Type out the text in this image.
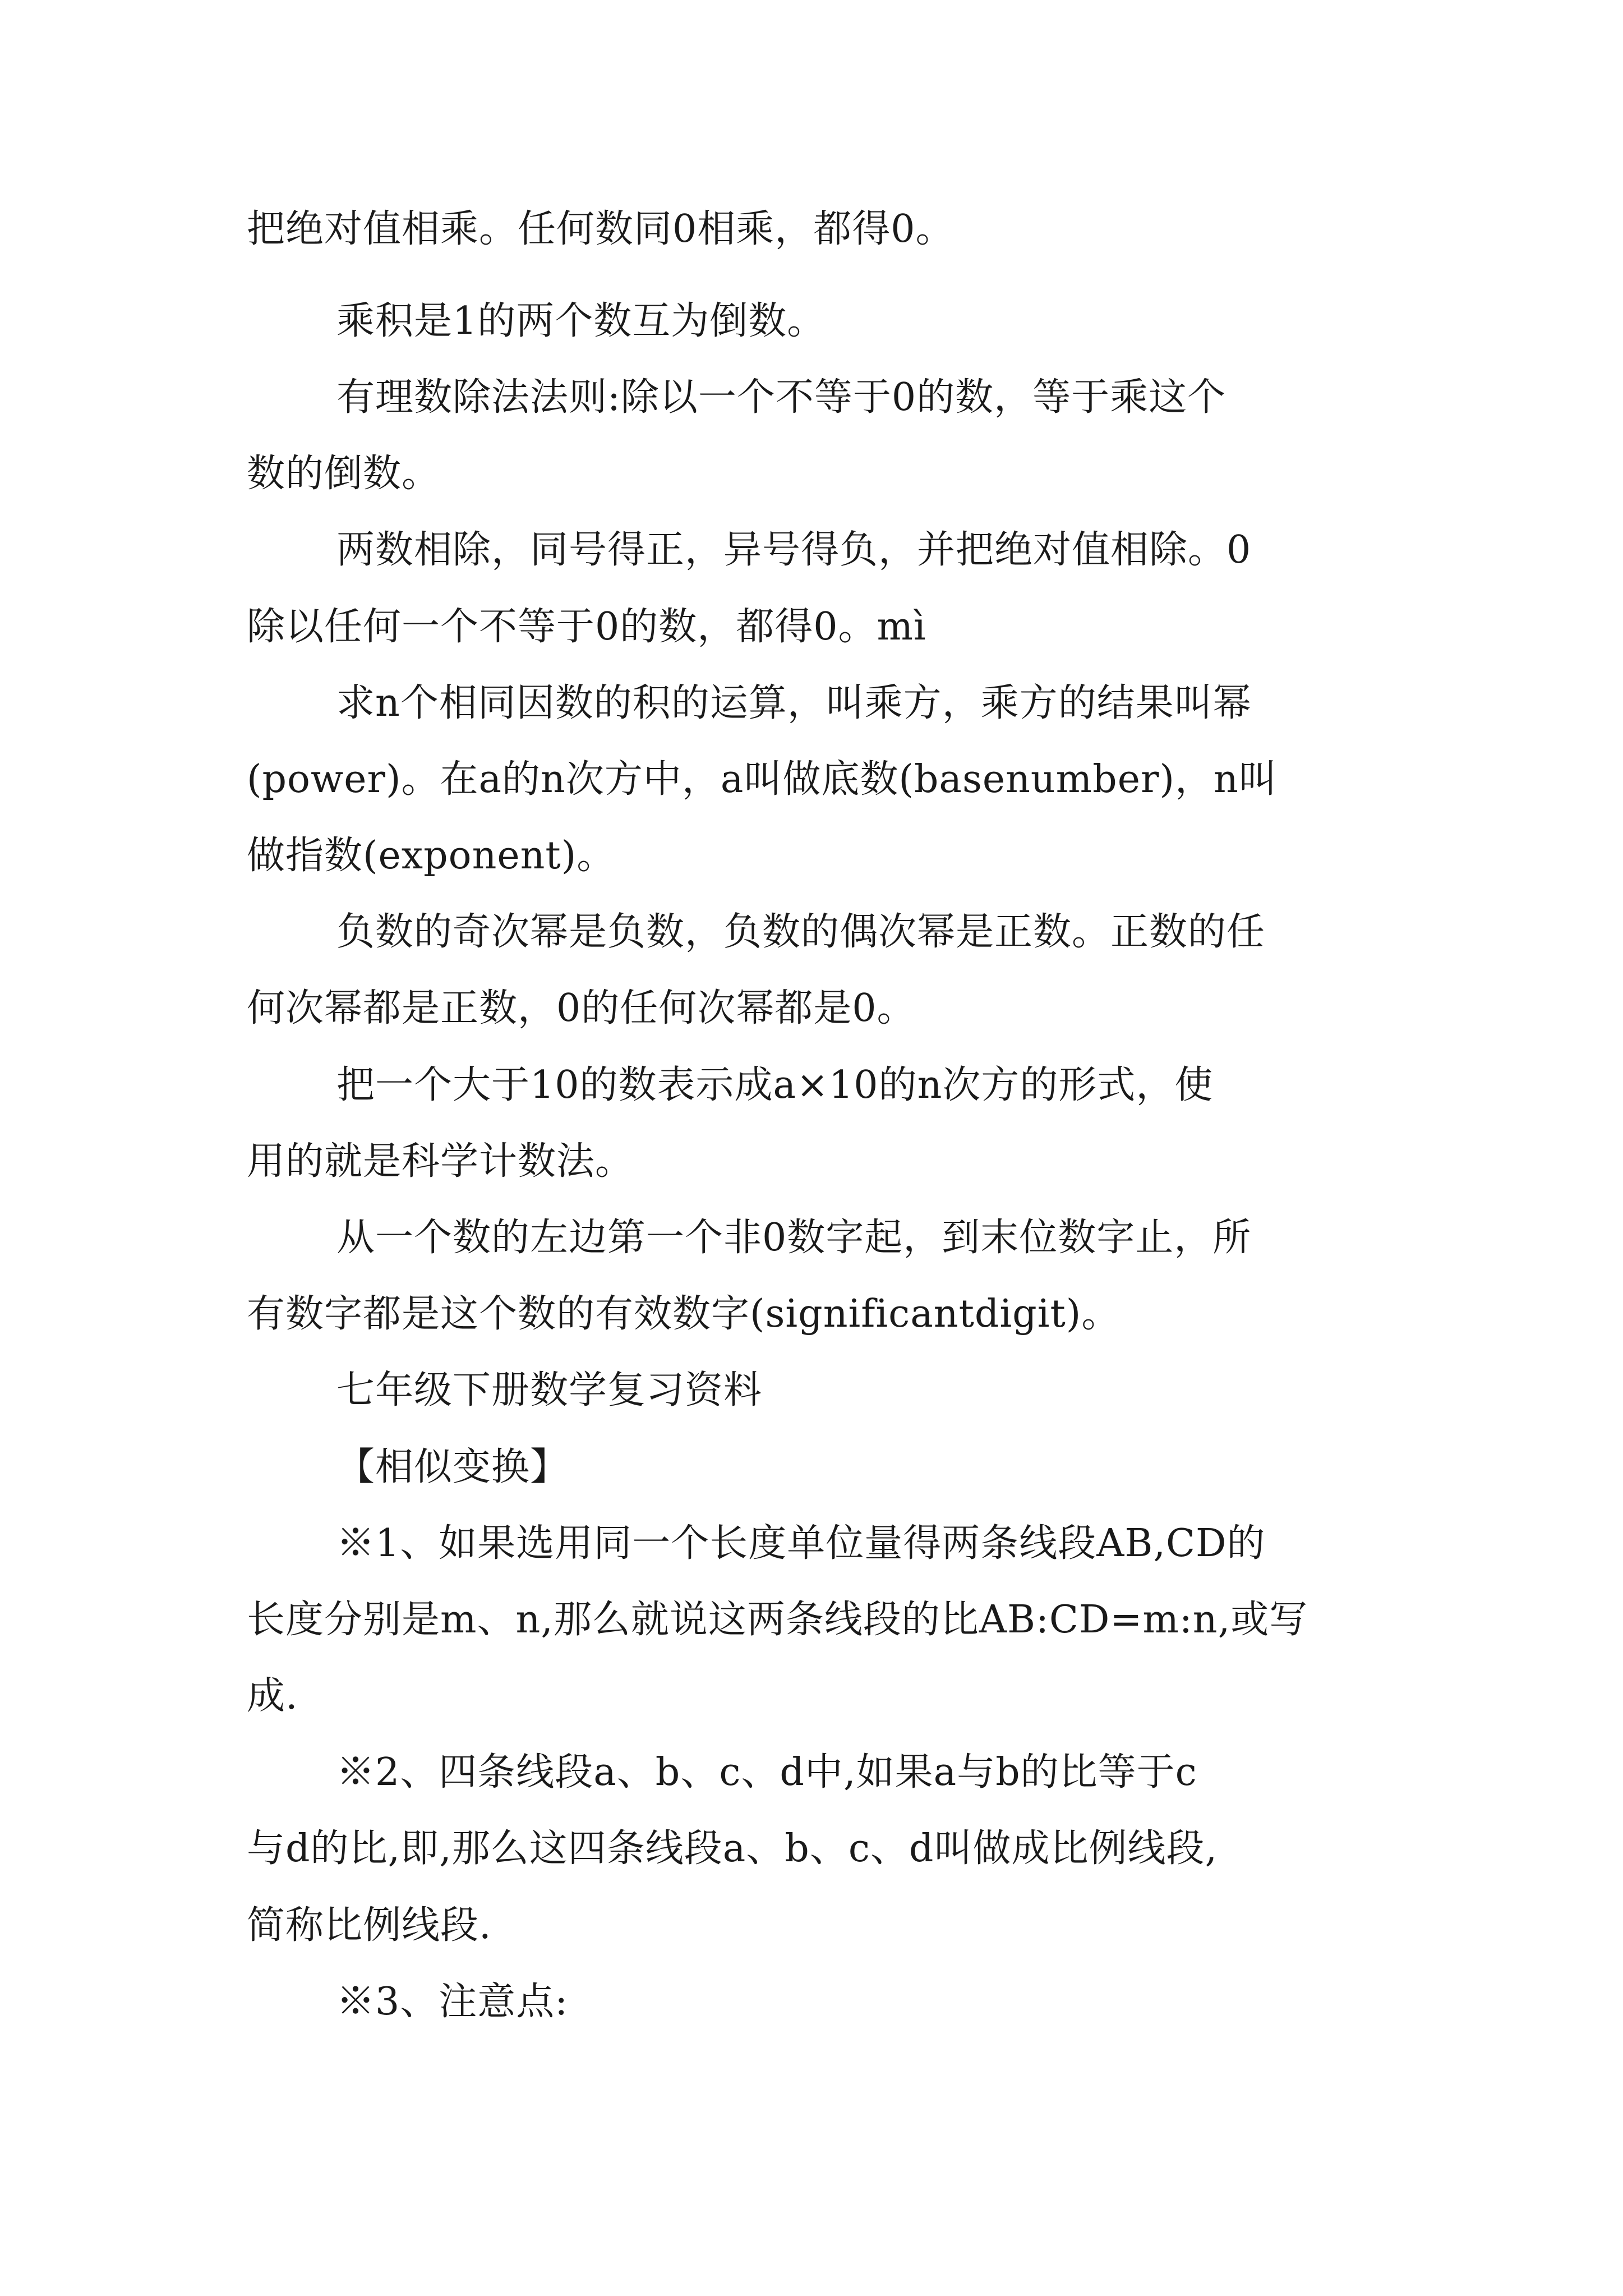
把绝对值相乘。任何数同0相乘，都得0。
乘积是1的两个数互为倒数。
有理数除法法则:除以一个不等于0的数，等于乘这个
数的倒数。
两数相除，同号得正，异号得负，并把绝对值相除。0
除以任何一个不等于0的数，都得0。mì
求n个相同因数的积的运算，叫乘方，乘方的结果叫幂
(power)。在a的n次方中，a叫做底数(basenumber)，n叫
做指数(exponent)。
负数的奇次幂是负数，负数的偶次幂是正数。正数的任
何次幂都是正数，0的任何次幂都是0。
把一个大于10的数表示成a×10的n次方的形式，使
用的就是科学计数法。
从一个数的左边第一个非0数字起，到末位数字止，所
有数字都是这个数的有效数字(significantdigit)。
七年级下册数学复习资料
【相似变换】
※1、如果选用同一个长度单位量得两条线段AB,CD的
长度分别是m、n,那么就说这两条线段的比AB:CD=m:n,或写
成.
※2、四条线段a、b、c、d中,如果a与b的比等于c
与d的比,即,那么这四条线段a、b、c、d叫做成比例线段,
简称比例线段.
※3、注意点:
